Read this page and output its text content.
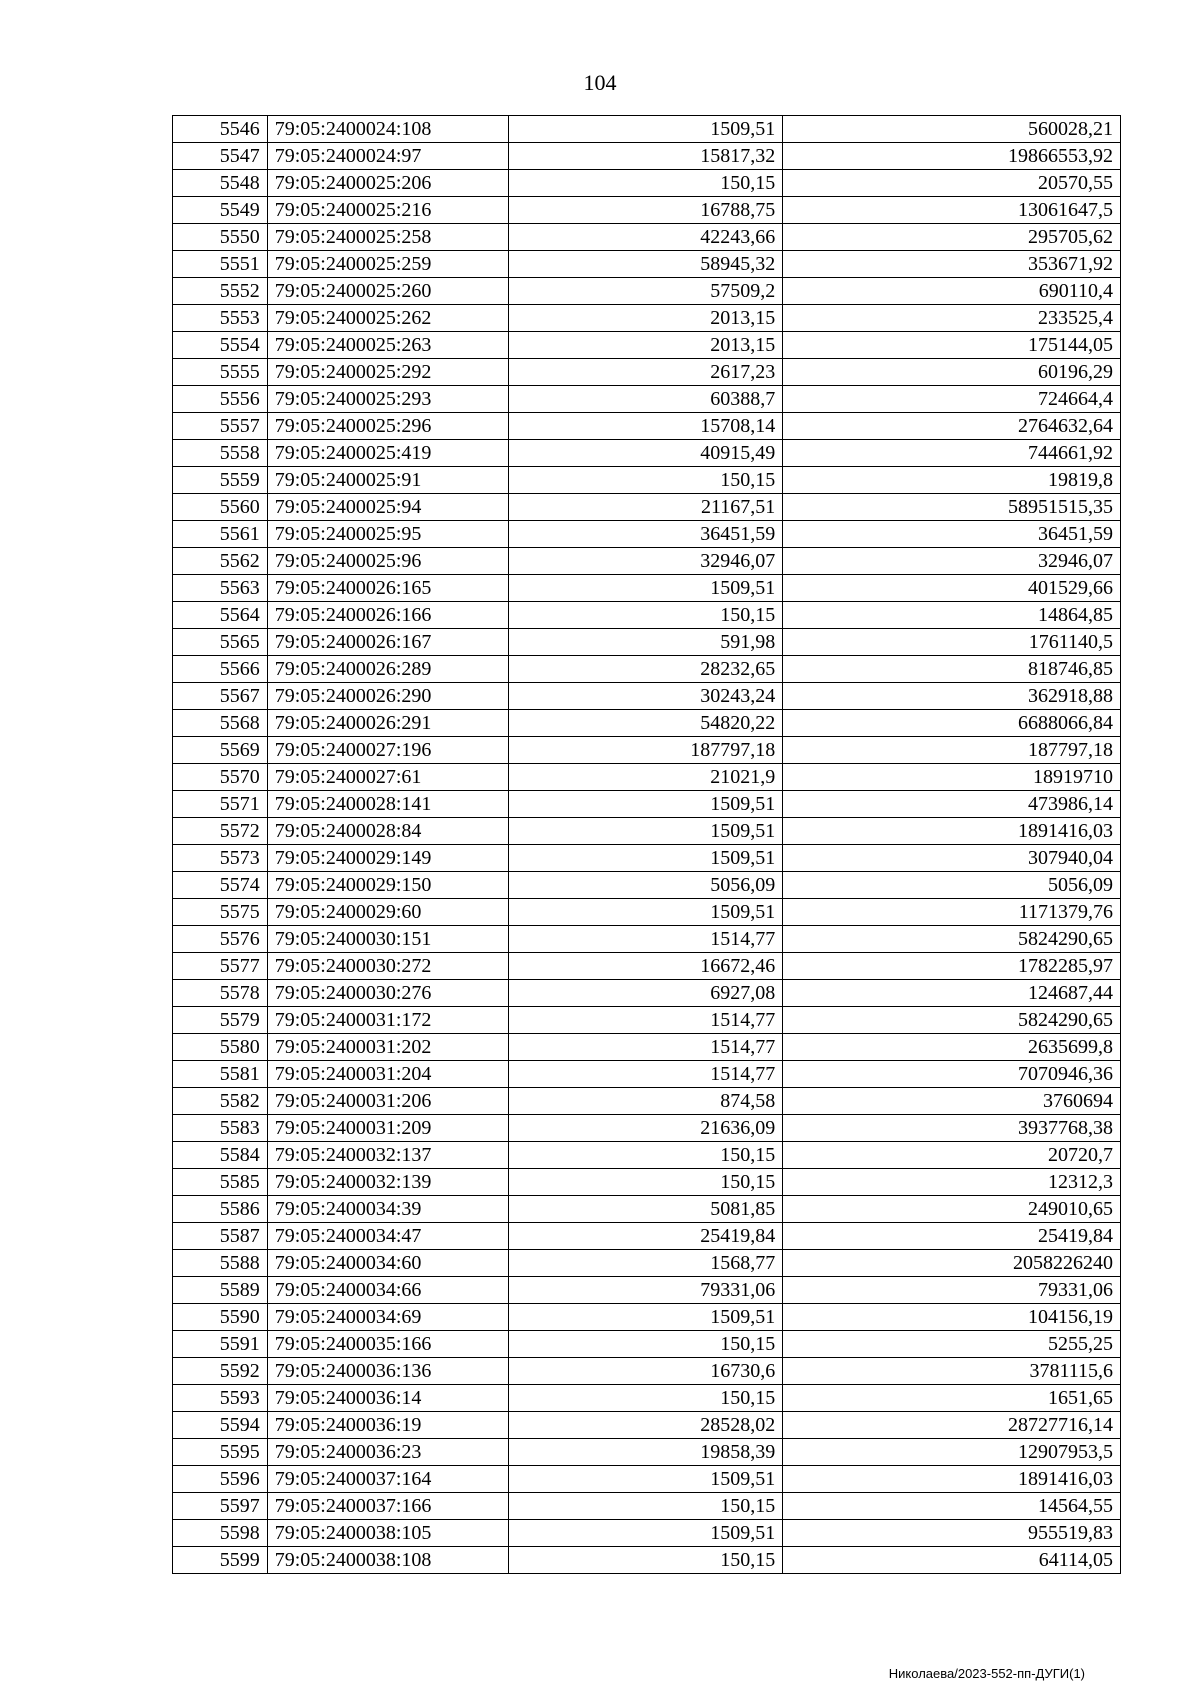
104
5546	79:05:2400024:108	1509,51	560028,21
5547	79:05:2400024:97	15817,32	19866553,92
5548	79:05:2400025:206	150,15	20570,55
5549	79:05:2400025:216	16788,75	13061647,5
5550	79:05:2400025:258	42243,66	295705,62
5551	79:05:2400025:259	58945,32	353671,92
5552	79:05:2400025:260	57509,2	690110,4
5553	79:05:2400025:262	2013,15	233525,4
5554	79:05:2400025:263	2013,15	175144,05
5555	79:05:2400025:292	2617,23	60196,29
5556	79:05:2400025:293	60388,7	724664,4
5557	79:05:2400025:296	15708,14	2764632,64
5558	79:05:2400025:419	40915,49	744661,92
5559	79:05:2400025:91	150,15	19819,8
5560	79:05:2400025:94	21167,51	58951515,35
5561	79:05:2400025:95	36451,59	36451,59
5562	79:05:2400025:96	32946,07	32946,07
5563	79:05:2400026:165	1509,51	401529,66
5564	79:05:2400026:166	150,15	14864,85
5565	79:05:2400026:167	591,98	1761140,5
5566	79:05:2400026:289	28232,65	818746,85
5567	79:05:2400026:290	30243,24	362918,88
5568	79:05:2400026:291	54820,22	6688066,84
5569	79:05:2400027:196	187797,18	187797,18
5570	79:05:2400027:61	21021,9	18919710
5571	79:05:2400028:141	1509,51	473986,14
5572	79:05:2400028:84	1509,51	1891416,03
5573	79:05:2400029:149	1509,51	307940,04
5574	79:05:2400029:150	5056,09	5056,09
5575	79:05:2400029:60	1509,51	1171379,76
5576	79:05:2400030:151	1514,77	5824290,65
5577	79:05:2400030:272	16672,46	1782285,97
5578	79:05:2400030:276	6927,08	124687,44
5579	79:05:2400031:172	1514,77	5824290,65
5580	79:05:2400031:202	1514,77	2635699,8
5581	79:05:2400031:204	1514,77	7070946,36
5582	79:05:2400031:206	874,58	3760694
5583	79:05:2400031:209	21636,09	3937768,38
5584	79:05:2400032:137	150,15	20720,7
5585	79:05:2400032:139	150,15	12312,3
5586	79:05:2400034:39	5081,85	249010,65
5587	79:05:2400034:47	25419,84	25419,84
5588	79:05:2400034:60	1568,77	2058226240
5589	79:05:2400034:66	79331,06	79331,06
5590	79:05:2400034:69	1509,51	104156,19
5591	79:05:2400035:166	150,15	5255,25
5592	79:05:2400036:136	16730,6	3781115,6
5593	79:05:2400036:14	150,15	1651,65
5594	79:05:2400036:19	28528,02	28727716,14
5595	79:05:2400036:23	19858,39	12907953,5
5596	79:05:2400037:164	1509,51	1891416,03
5597	79:05:2400037:166	150,15	14564,55
5598	79:05:2400038:105	1509,51	955519,83
5599	79:05:2400038:108	150,15	64114,05
Николаева/2023-552-пп-ДУГИ(1)
